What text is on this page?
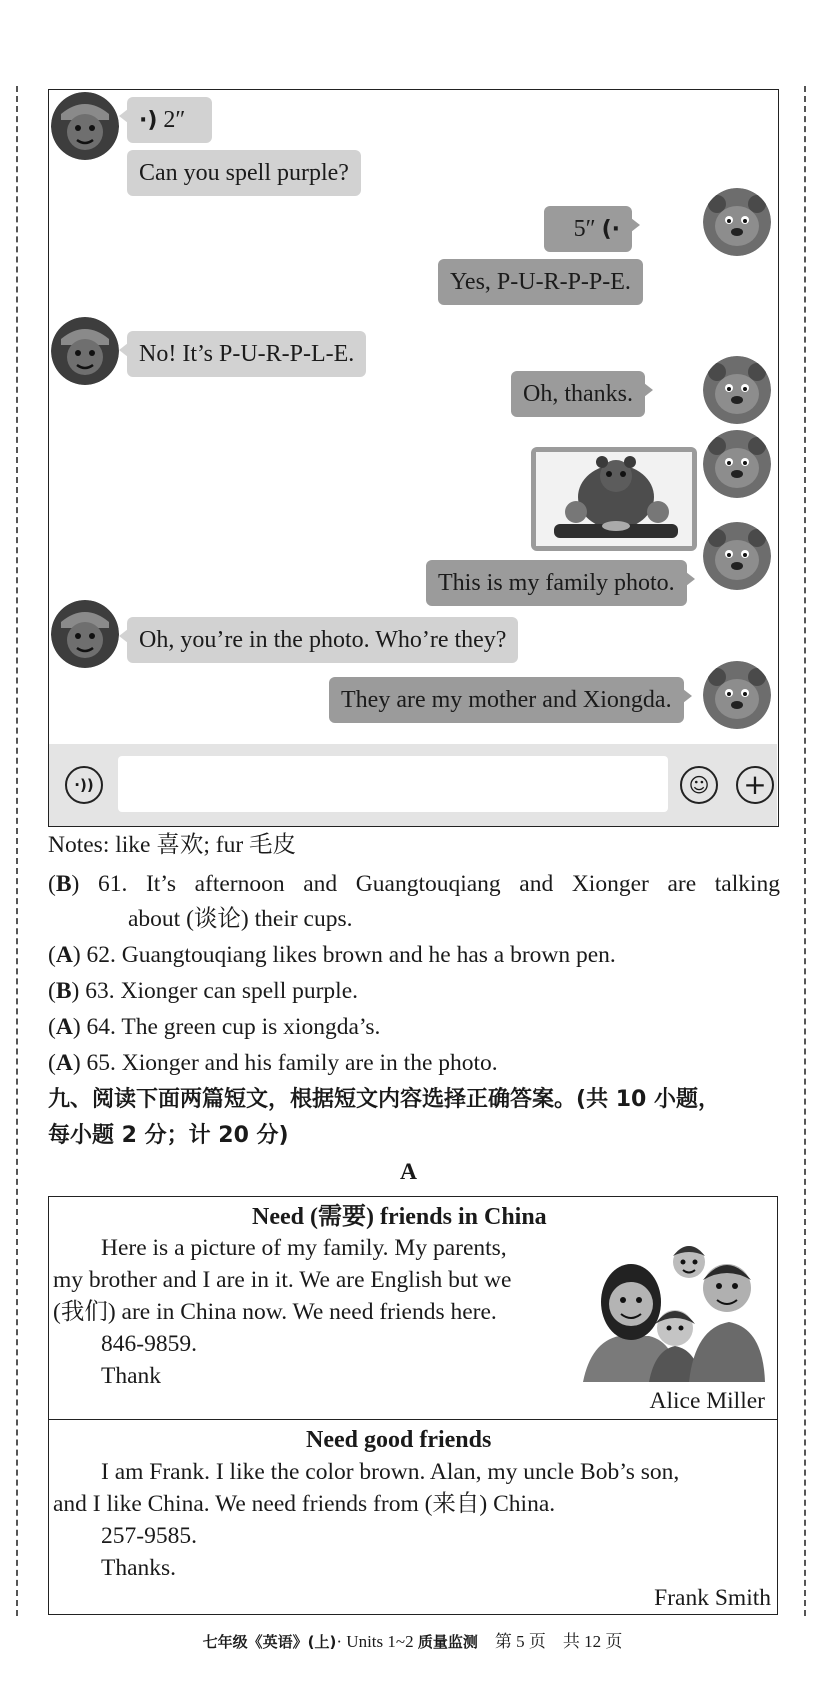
·) 2″
Can you spell purple?
5″ (·
Yes, P-U-R-P-P-E.
No! It’s P-U-R-P-L-E.
Oh, thanks.
This is my family photo.
Oh, you’re in the photo. Who’re they?
They are my mother and Xiongda.
·))	☺	+
Notes: like 喜欢; fur 毛皮
(B) 61. It’s afternoon and Guangtouqiang and Xionger are talking
about (谈论) their cups.
(A) 62. Guangtouqiang likes brown and he has a brown pen.
(B) 63. Xionger can spell purple.
(A) 64. The green cup is xiongda’s.
(A) 65. Xionger and his family are in the photo.
九、阅读下面两篇短文，根据短文内容选择正确答案。(共 10 小题，
每小题 2 分；计 20 分)
A
Need (需要) friends in China
Here is a picture of my family. My parents,
my brother and I are in it. We are English but we
(我们) are in China now. We need friends here.
846-9859.
Thank
Alice Miller
Need good friends
I am Frank. I like the color brown. Alan, my uncle Bob’s son,
and I like China. We need friends from (来自) China.
257-9585.
Thanks.
Frank Smith
七年级《英语》(上)· Units 1~2 质量监测　 第 5 页　共 12 页
